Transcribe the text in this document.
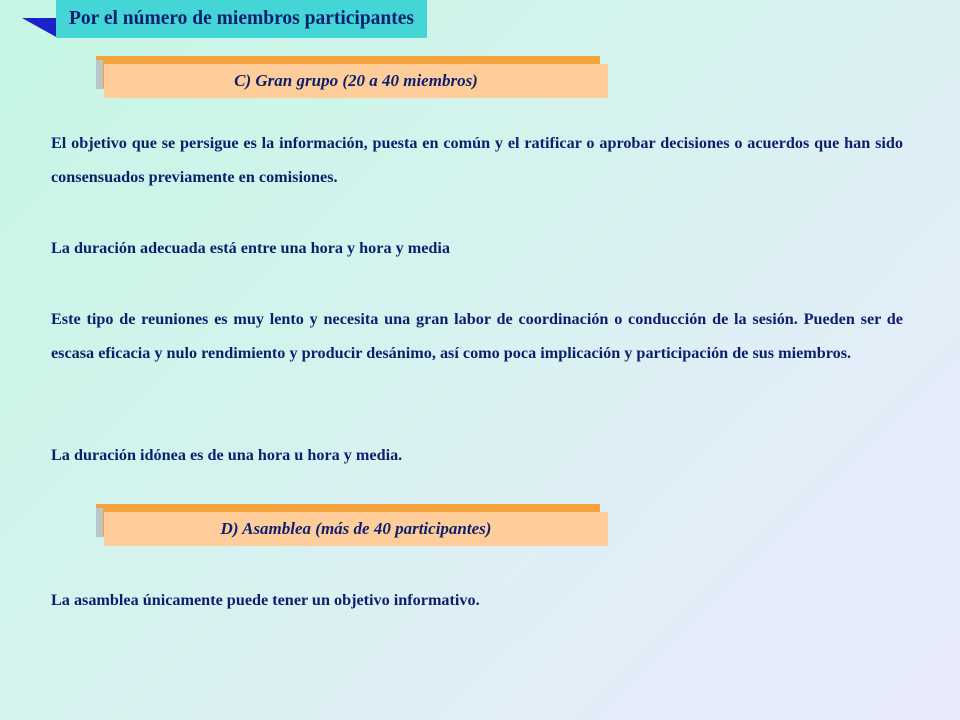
Por el número de miembros participantes
C) Gran grupo (20 a 40 miembros)

El objetivo que se persigue es la información, puesta en común y el ratificar o aprobar decisiones o acuerdos que han sido consensuados previamente en comisiones.

La duración adecuada está entre una hora y hora y media

Este tipo de reuniones es muy lento y necesita una gran labor de coordinación o conducción de la sesión. Pueden ser de escasa eficacia y nulo rendimiento y producir desánimo, así como poca implicación y participación de sus miembros.

La duración idónea es de una hora u hora y media.

D) Asamblea (más de 40 participantes)

La asamblea únicamente puede tener un objetivo informativo.
